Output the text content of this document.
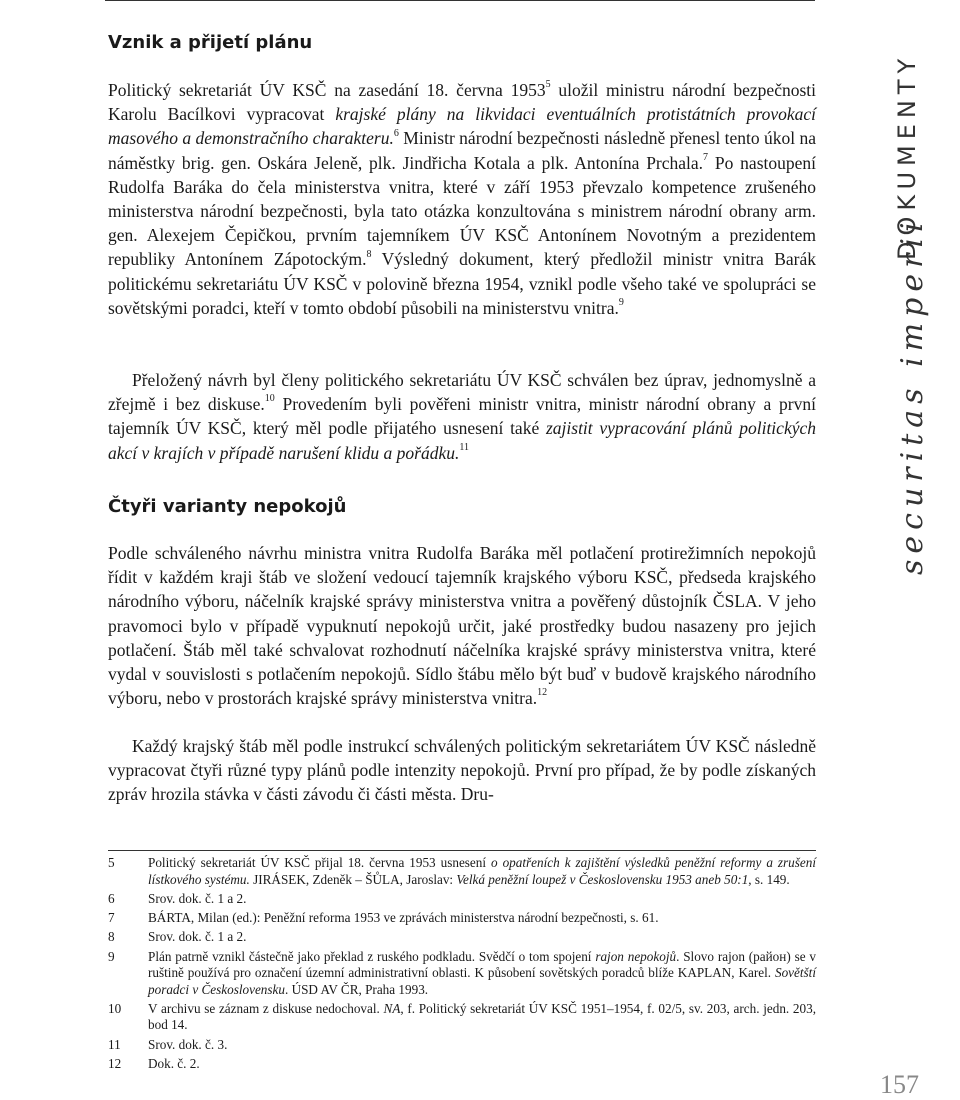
Vznik a přijetí plánu

Politický sekretariát ÚV KSČ na zasedání 18. června 1953$^5$ uložil ministru národní bezpečnosti Karolu Bacílkovi vypracovat krajské plány na likvidaci eventuálních protistátních provokací masového a demonstračního charakteru.$^6$ Ministr národní bezpečnosti následně přenesl tento úkol na náměstky brig. gen. Oskára Jeleně, plk. Jindřicha Kotala a plk. Antonína Prchala.$^7$ Po nastoupení Rudolfa Baráka do čela ministerstva vnitra, které v září 1953 převzalo kompetence zrušeného ministerstva národní bezpečnosti, byla tato otázka konzultována s ministrem národní obrany arm. gen. Alexejem Čepičkou, prvním tajemníkem ÚV KSČ Antonínem Novotným a prezidentem republiky Antonínem Zápotockým.$^8$ Výsledný dokument, který předložil ministr vnitra Barák politickému sekretariátu ÚV KSČ v polovině března 1954, vznikl podle všeho také ve spolupráci se sovětskými poradci, kteří v tomto období působili na ministerstvu vnitra.$^9$

Přeložený návrh byl členy politického sekretariátu ÚV KSČ schválen bez úprav, jednomyslně a zřejmě i bez diskuse.$^{10}$ Provedením byli pověřeni ministr vnitra, ministr národní obrany a první tajemník ÚV KSČ, který měl podle přijatého usnesení také zajistit vypracování plánů politických akcí v krajích v případě narušení klidu a pořádku.$^{11}$

Čtyři varianty nepokojů

Podle schváleného návrhu ministra vnitra Rudolfa Baráka měl potlačení protirežimních nepokojů řídit v každém kraji štáb ve složení vedoucí tajemník krajského výboru KSČ, předseda krajského národního výboru, náčelník krajské správy ministerstva vnitra a pověřený důstojník ČSLA. V jeho pravomoci bylo v případě vypuknutí nepokojů určit, jaké prostředky budou nasazeny pro jejich potlačení. Štáb měl také schvalovat rozhodnutí náčelníka krajské správy ministerstva vnitra, které vydal v souvislosti s potlačením nepokojů. Sídlo štábu mělo být buď v budově krajského národního výboru, nebo v prostorách krajské správy ministerstva vnitra.$^{12}$

Každý krajský štáb měl podle instrukcí schválených politickým sekretariátem ÚV KSČ následně vypracovat čtyři různé typy plánů podle intenzity nepokojů. První pro případ, že by podle získaných zpráv hrozila stávka v části závodu či části města. Dru-

5	Politický sekretariát ÚV KSČ přijal 18. června 1953 usnesení o opatřeních k zajištění výsledků peněžní reformy a zrušení lístkového systému. JIRÁSEK, Zdeněk – ŠŮLA, Jaroslav: Velká peněžní loupež v Československu 1953 aneb 50:1, s. 149.
6	Srov. dok. č. 1 a 2.
7	BÁRTA, Milan (ed.): Peněžní reforma 1953 ve zprávách ministerstva národní bezpečnosti, s. 61.
8	Srov. dok. č. 1 a 2.
9	Plán patrně vznikl částečně jako překlad z ruského podkladu. Svědčí o tom spojení rajon nepokojů. Slovo rajon (район) se v ruštině používá pro označení územní administrativní oblasti. K působení sovětských poradců blíže KAPLAN, Karel. Sovětští poradci v Československu. ÚSD AV ČR, Praha 1993.
10	V archivu se záznam z diskuse nedochoval. NA, f. Politický sekretariát ÚV KSČ 1951–1954, f. 02/5, sv. 203, arch. jedn. 203, bod 14.
11	Srov. dok. č. 3.
12	Dok. č. 2.
DOKUMENTY
securitas imperii
157
